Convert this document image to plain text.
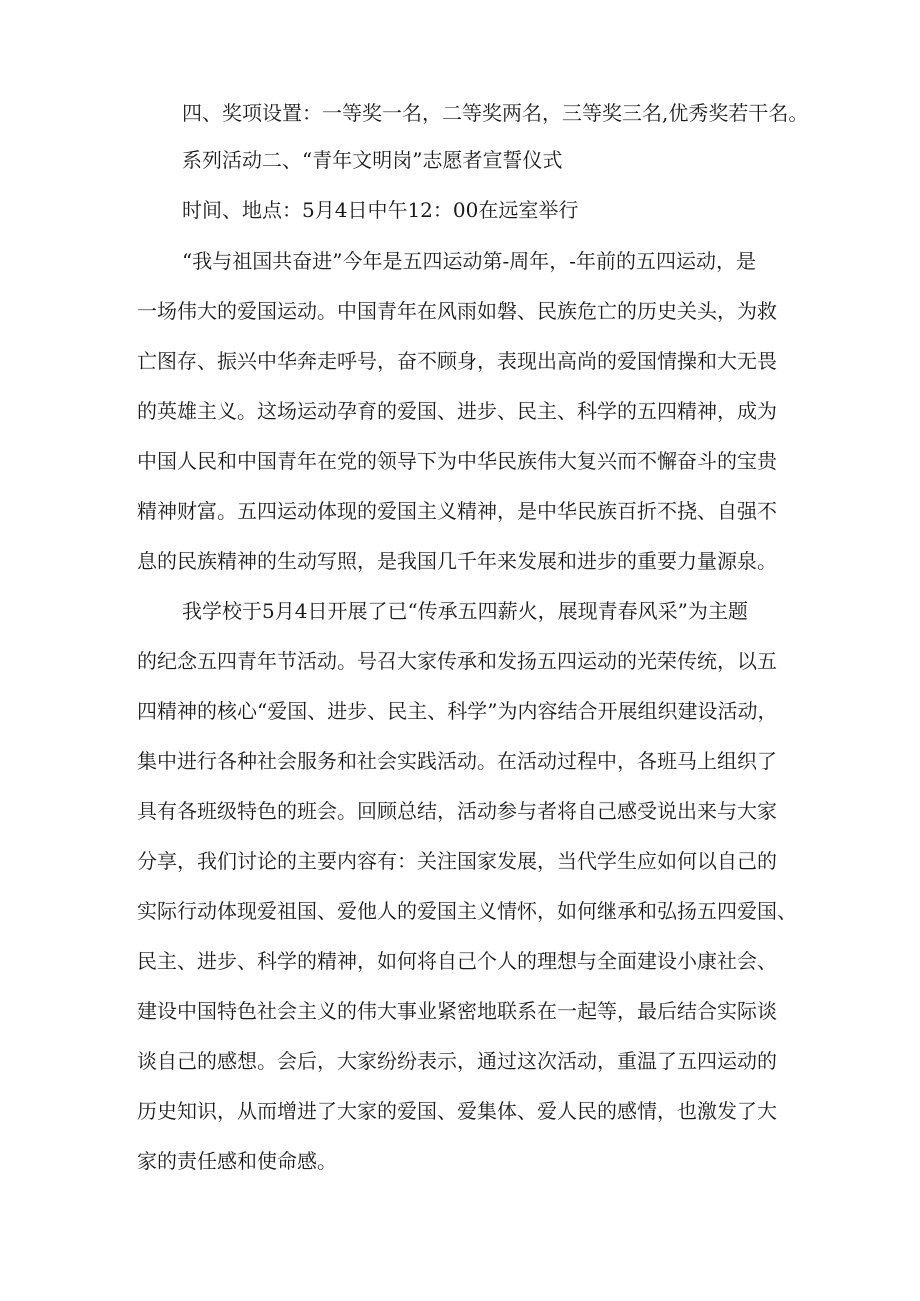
四、奖项设置：一等奖一名，二等奖两名，三等奖三名,优秀奖若干名。
系列活动二、“青年文明岗”志愿者宣誓仪式
时间、地点：5月4日中午12：00在远室举行
“我与祖国共奋进”今年是五四运动第-周年，-年前的五四运动，是
一场伟大的爱国运动。中国青年在风雨如磐、民族危亡的历史关头，为救
亡图存、振兴中华奔走呼号，奋不顾身，表现出高尚的爱国情操和大无畏
的英雄主义。这场运动孕育的爱国、进步、民主、科学的五四精神，成为
中国人民和中国青年在党的领导下为中华民族伟大复兴而不懈奋斗的宝贵
精神财富。五四运动体现的爱国主义精神，是中华民族百折不挠、自强不
息的民族精神的生动写照，是我国几千年来发展和进步的重要力量源泉。
我学校于5月4日开展了已“传承五四薪火，展现青春风采”为主题
的纪念五四青年节活动。号召大家传承和发扬五四运动的光荣传统，以五
四精神的核心“爱国、进步、民主、科学”为内容结合开展组织建设活动，
集中进行各种社会服务和社会实践活动。在活动过程中，各班马上组织了
具有各班级特色的班会。回顾总结，活动参与者将自己感受说出来与大家
分享，我们讨论的主要内容有：关注国家发展，当代学生应如何以自己的
实际行动体现爱祖国、爱他人的爱国主义情怀，如何继承和弘扬五四爱国、
民主、进步、科学的精神，如何将自己个人的理想与全面建设小康社会、
建设中国特色社会主义的伟大事业紧密地联系在一起等，最后结合实际谈
谈自己的感想。会后，大家纷纷表示，通过这次活动，重温了五四运动的
历史知识，从而增进了大家的爱国、爱集体、爱人民的感情，也激发了大
家的责任感和使命感。
